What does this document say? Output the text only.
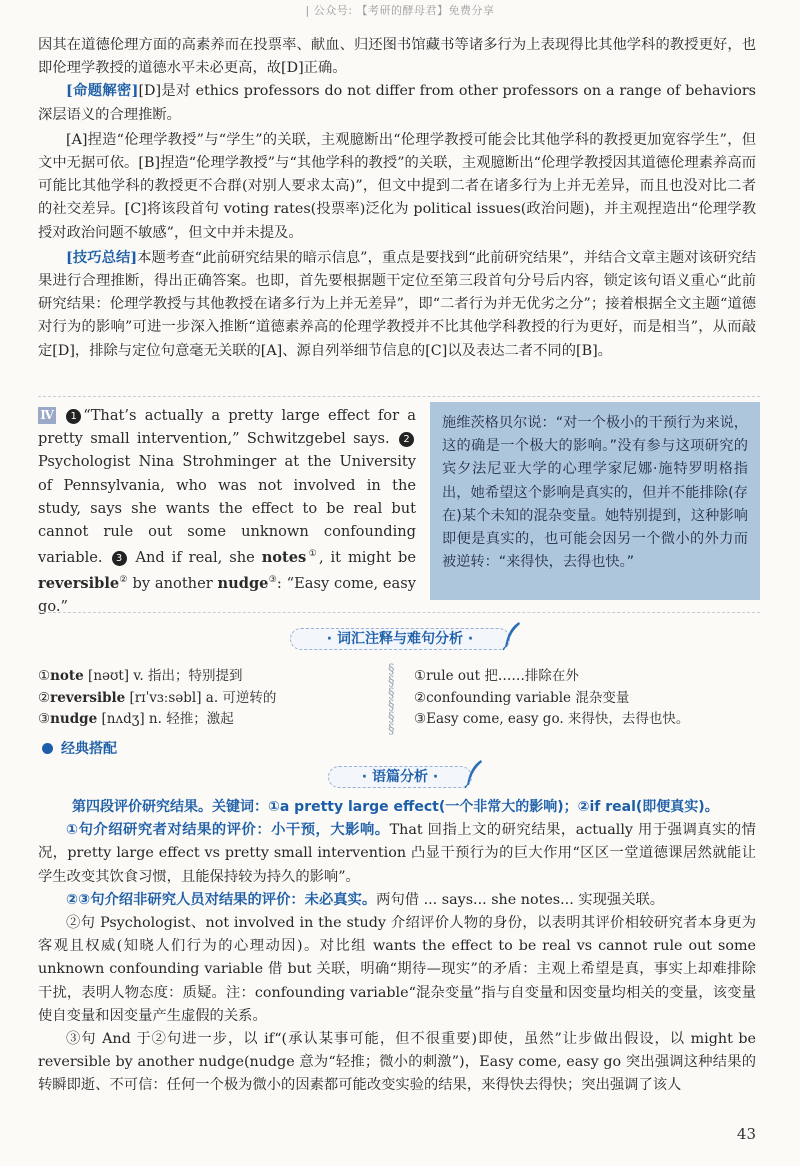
| 公众号: 【考研的酵母君】免费分享

因其在道德伦理方面的高素养而在投票率、献血、归还图书馆藏书等诸多行为上表现得比其他学科的教授更好，也即伦理学教授的道德水平未必更高，故[D]正确。

[命题解密][D]是对 ethics professors do not differ from other professors on a range of behaviors 深层语义的合理推断。

[A]捏造“伦理学教授”与“学生”的关联，主观臆断出“伦理学教授可能会比其他学科的教授更加宽容学生”，但文中无据可依。[B]捏造“伦理学教授”与“其他学科的教授”的关联，主观臆断出“伦理学教授因其道德伦理素养高而可能比其他学科的教授更不合群(对别人要求太高)”，但文中提到二者在诸多行为上并无差异，而且也没对比二者的社交差异。[C]将该段首句 voting rates(投票率)泛化为 political issues(政治问题)，并主观捏造出“伦理学教授对政治问题不敏感”，但文中并未提及。

[技巧总结]本题考查“此前研究结果的暗示信息”，重点是要找到“此前研究结果”，并结合文章主题对该研究结果进行合理推断，得出正确答案。也即，首先要根据题干定位至第三段首句分号后内容，锁定该句语义重心“此前研究结果：伦理学教授与其他教授在诸多行为上并无差异”，即“二者行为并无优劣之分”；接着根据全文主题“道德对行为的影响”可进一步深入推断“道德素养高的伦理学教授并不比其他学科教授的行为更好，而是相当”，从而敲定[D]，排除与定位句意毫无关联的[A]、源自列举细节信息的[C]以及表达二者不同的[B]。

Ⅳ 1 “That’s actually a pretty large effect for a pretty small intervention,” Schwitzgebel says. 2Psychologist Nina Strohminger at the University of Pennsylvania, who was not involved in the study, says she wants the effect to be real but cannot rule out some unknown confounding variable. 3 And if real, she notes①, it might be reversible② by another nudge③: “Easy come, easy go.”
施维茨格贝尔说：“对一个极小的干预行为来说，这的确是一个极大的影响。”没有参与这项研究的宾夕法尼亚大学的心理学家尼娜·施特罗明格指出，她希望这个影响是真实的，但并不能排除(存在)某个未知的混杂变量。她特别提到，这种影响即便是真实的，也可能会因另一个微小的外力而被逆转：“来得快，去得也快。”
· 词汇注释与难句分析 ·
①note [nəʊt] v. 指出；特别提到
②reversible [rɪˈvɜːsəbl] a. 可逆转的
③nudge [nʌdʒ] n. 轻推；激起
§
§
§
§
§
§
①rule out 把……排除在外
②confounding variable 混杂变量
③Easy come, easy go. 来得快，去得也快。
经典搭配
· 语篇分析 ·

第四段评价研究结果。关键词：①a pretty large effect(一个非常大的影响)；②if real(即便真实)。

①句介绍研究者对结果的评价：小干预，大影响。That 回指上文的研究结果，actually 用于强调真实的情况，pretty large effect vs pretty small intervention 凸显干预行为的巨大作用“区区一堂道德课居然就能让学生改变其饮食习惯，且能保持较为持久的影响”。

②③句介绍非研究人员对结果的评价：未必真实。两句借 ... says... she notes... 实现强关联。

②句 Psychologist、not involved in the study 介绍评价人物的身份，以表明其评价相较研究者本身更为客观且权威(知晓人们行为的心理动因)。对比组 wants the effect to be real vs cannot rule out some unknown confounding variable 借 but 关联，明确“期待—现实”的矛盾：主观上希望是真，事实上却难排除干扰，表明人物态度：质疑。注：confounding variable“混杂变量”指与自变量和因变量均相关的变量，该变量使自变量和因变量产生虚假的关系。

③句 And 于②句进一步，以 if“(承认某事可能，但不很重要)即使，虽然”让步做出假设，以 might be reversible by another nudge(nudge 意为“轻推；微小的刺激”)，Easy come, easy go 突出强调这种结果的转瞬即逝、不可信：任何一个极为微小的因素都可能改变实验的结果，来得快去得快；突出强调了该人

43
